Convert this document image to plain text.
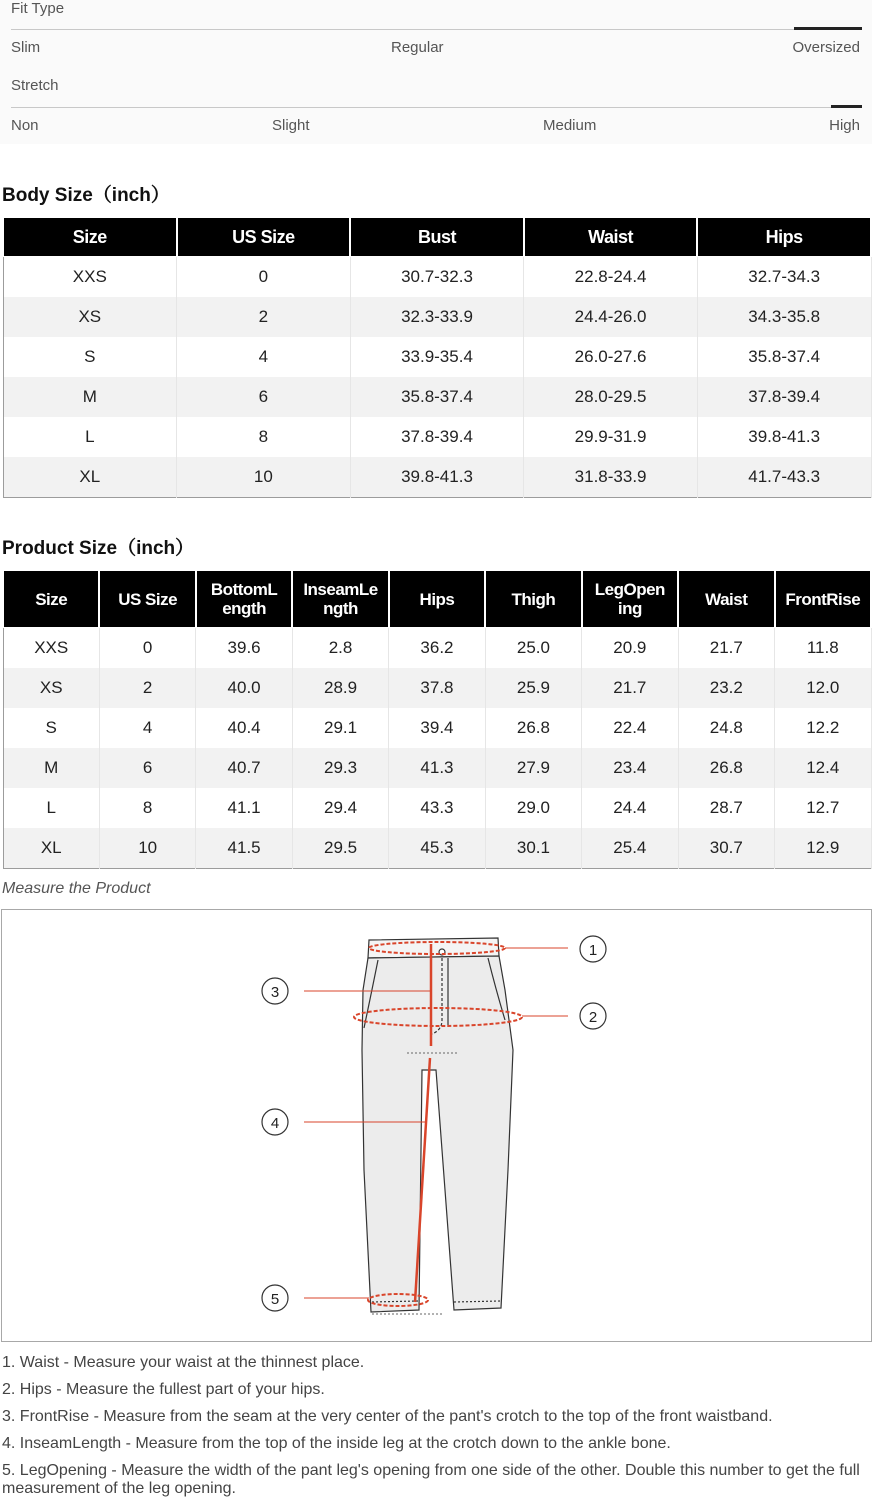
Fit Type
Slim	Regular	Oversized
Stretch
Non	Slight	Medium	High
Body Size（inch）
Size	US Size	Bust	Waist	Hips
XXS	0	30.7-32.3	22.8-24.4	32.7-34.3
XS	2	32.3-33.9	24.4-26.0	34.3-35.8
S	4	33.9-35.4	26.0-27.6	35.8-37.4
M	6	35.8-37.4	28.0-29.5	37.8-39.4
L	8	37.8-39.4	29.9-31.9	39.8-41.3
XL	10	39.8-41.3	31.8-33.9	41.7-43.3
Product Size（inch）
Size	US Size	BottomL ength	InseamLe ngth	Hips	Thigh	LegOpen ing	Waist	FrontRise
XXS	0	39.6	2.8	36.2	25.0	20.9	21.7	11.8
XS	2	40.0	28.9	37.8	25.9	21.7	23.2	12.0
S	4	40.4	29.1	39.4	26.8	22.4	24.8	12.2
M	6	40.7	29.3	41.3	27.9	23.4	26.8	12.4
L	8	41.1	29.4	43.3	29.0	24.4	28.7	12.7
XL	10	41.5	29.5	45.3	30.1	25.4	30.7	12.9
Measure the Product
1
2
3
4
5

1. Waist - Measure your waist at the thinnest place.

2. Hips - Measure the fullest part of your hips.

3. FrontRise - Measure from the seam at the very center of the pant's crotch to the top of the front waistband.

4. InseamLength - Measure from the top of the inside leg at the crotch down to the ankle bone.

5. LegOpening - Measure the width of the pant leg's opening from one side of the other. Double this number to get the full measurement of the leg opening.
